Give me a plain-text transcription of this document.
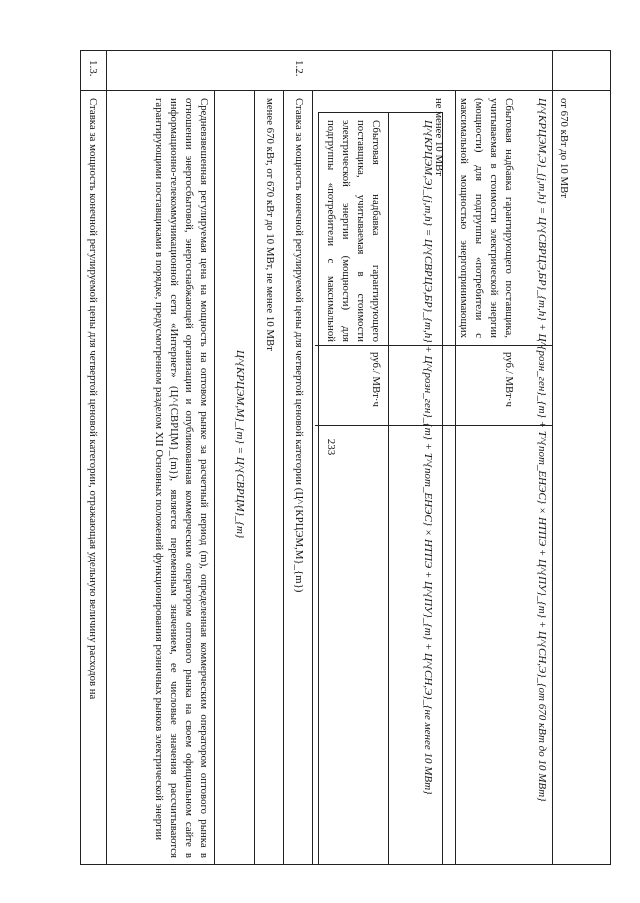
233
от 670 кВт до 10 МВт
Ц^{КРЦЭМ,Э}_{j,m,h} = Ц^{СВРЦЭ,БР}_{m,h} + Ц^{розн_ген}_{m} + T^{пот_ЕНЭС} × НТПЭ + Ц^{ПУ}_{m} + Ц^{СН,Э}_{от 670 кВт до 10 МВт}
Сбытовая надбавка гарантирующего поставщика, учитываемая в стоимости электрической энергии (мощности) для подгруппы «потребители с максимальной мощностью энергопринимающих
руб./ МВт·ч
не менее 10 МВт
Ц^{КРЦЭМ,Э}_{j,m,h} = Ц^{СВРЦЭ,БР}_{m,h} + Ц^{розн_ген}_{m} + T^{пот_ЕНЭС} × НТПЭ + Ц^{ПУ}_{m} + Ц^{СН,Э}_{не менее 10 МВт}
Сбытовая надбавка гарантирующего поставщика, учитываемая в стоимости электрической энергии (мощности) для подгруппы «потребители с максимальной
руб./ МВт·ч
1.2.
Ставка за мощность конечной регулируемой цены для четвертой ценовой категории (Ц^{КРЦЭМ,М}_{m})
менее 670 кВт, от 670 кВт до 10 МВт, не менее 10 МВт
Ц^{КРЦЭМ,М}_{m} = Ц^{СВРЦМ}_{m}
Средневзвешенная регулируемая цена на мощность на оптовом рынке за расчетный период (m), определенная коммерческим оператором оптового рынка в отношении энергосбытовой, энергоснабжающей организации и опубликованная коммерческим оператором оптового рынка на своем официальном сайте в информационно-телекоммуникационной сети «Интернет» (Ц^{СВРЦМ}_{m}), является переменным значением, ее числовые значения рассчитываются гарантирующими поставщиками в порядке, предусмотренном разделом XII Основных положений функционирования розничных рынков электрической энергии
1.3.
Ставка за мощность конечной регулируемой цены для четвертой ценовой категории, отражающая удельную величину расходов на
